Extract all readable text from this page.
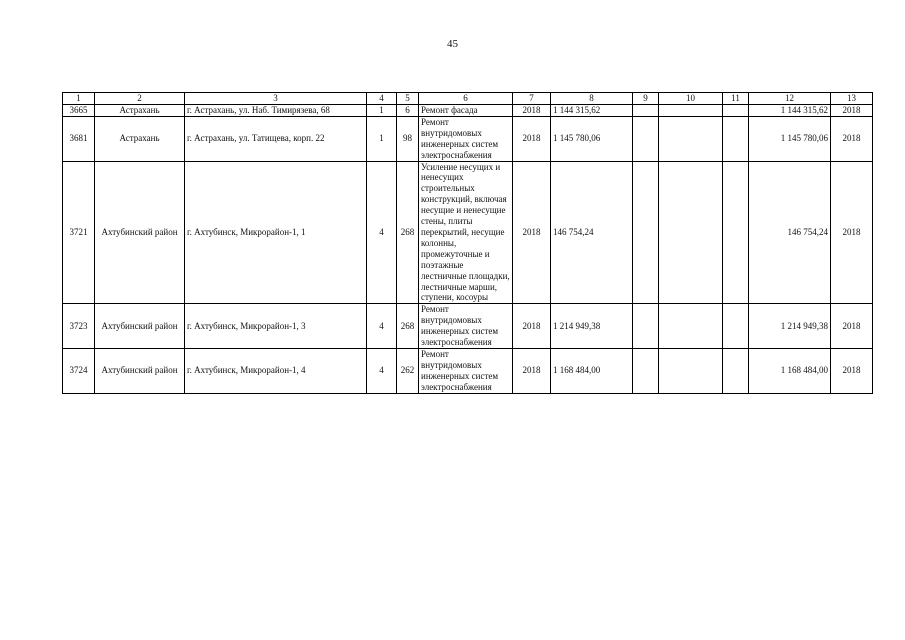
45
1	2	3	4	5	6	7	8	9	10	11	12	13
3665	Астрахань	г. Астрахань, ул. Наб. Тимирязева, 68	1	6	Ремонт фасада	2018	1 144 315,62				1 144 315,62	2018
3681	Астрахань	г. Астрахань, ул. Татищева, корп. 22	1	98	Ремонт внутридомовых инженерных систем электроснабжения	2018	1 145 780,06				1 145 780,06	2018
3721	Ахтубинский район	г. Ахтубинск, Микрорайон-1, 1	4	268	Усиление несущих и ненесущих строительных конструкций, включая несущие и ненесущие стены, плиты перекрытий, несущие колонны, промежуточные и поэтажные лестничные площадки, лестничные марши, ступени, косоуры	2018	146 754,24				146 754,24	2018
3723	Ахтубинский район	г. Ахтубинск, Микрорайон-1, 3	4	268	Ремонт внутридомовых инженерных систем электроснабжения	2018	1 214 949,38				1 214 949,38	2018
3724	Ахтубинский район	г. Ахтубинск, Микрорайон-1, 4	4	262	Ремонт внутридомовых инженерных систем электроснабжения	2018	1 168 484,00				1 168 484,00	2018
